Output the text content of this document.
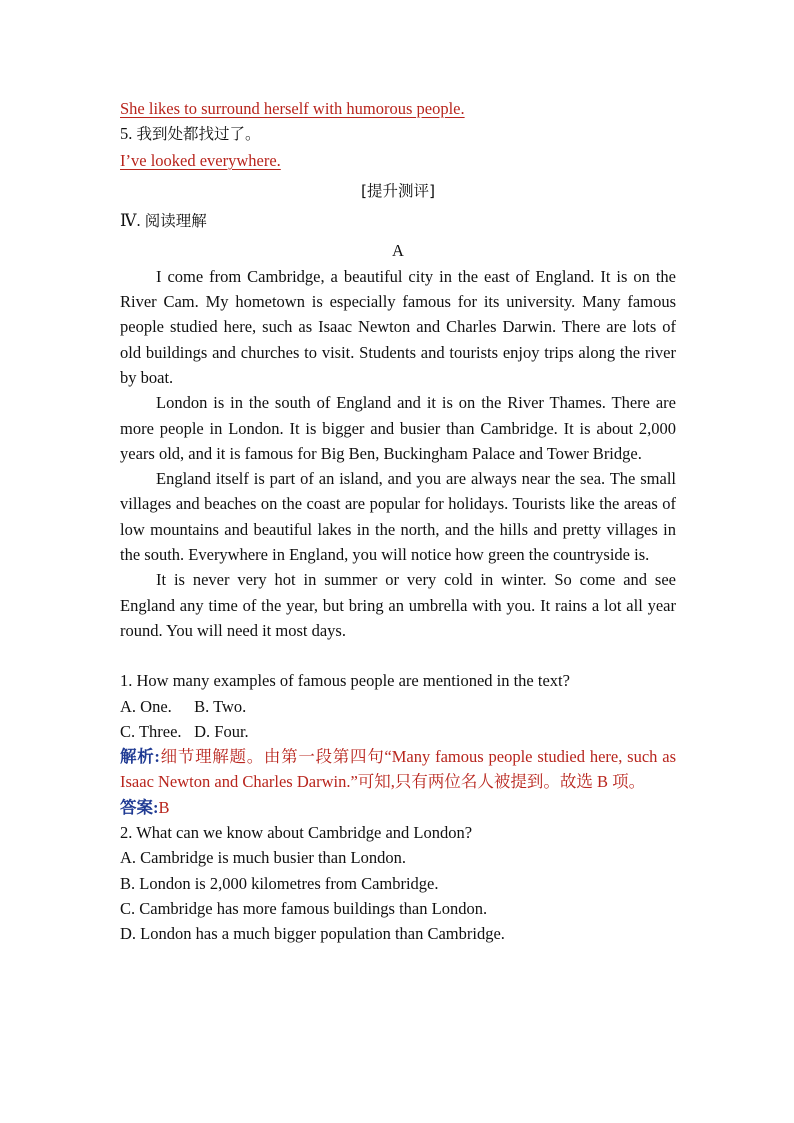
She likes to surround herself with humorous people.
5. 我到处都找过了。
I’ve looked everywhere.
[提升测评]
Ⅳ. 阅读理解
A
I come from Cambridge, a beautiful city in the east of England. It is on the River Cam. My hometown is especially famous for its university. Many famous people studied here, such as Isaac Newton and Charles Darwin. There are lots of old buildings and churches to visit. Students and tourists enjoy trips along the river by boat.
London is in the south of England and it is on the River Thames. There are more people in London. It is bigger and busier than Cambridge. It is about 2,000 years old, and it is famous for Big Ben, Buckingham Palace and Tower Bridge.
England itself is part of an island, and you are always near the sea. The small villages and beaches on the coast are popular for holidays. Tourists like the areas of low mountains and beautiful lakes in the north, and the hills and pretty villages in the south. Everywhere in England, you will notice how green the countryside is.
It is never very hot in summer or very cold in winter. So come and see England any time of the year, but bring an umbrella with you. It rains a lot all year round. You will need it most days.
1. How many examples of famous people are mentioned in the text?
A. One. B. Two.
C. Three. D. Four.
解析:细节理解题。由第一段第四句“Many famous people studied here, such as Isaac Newton and Charles Darwin.”可知,只有两位名人被提到。故选 B 项。
答案:B
2. What can we know about Cambridge and London?
A. Cambridge is much busier than London.
B. London is 2,000 kilometres from Cambridge.
C. Cambridge has more famous buildings than London.
D. London has a much bigger population than Cambridge.
